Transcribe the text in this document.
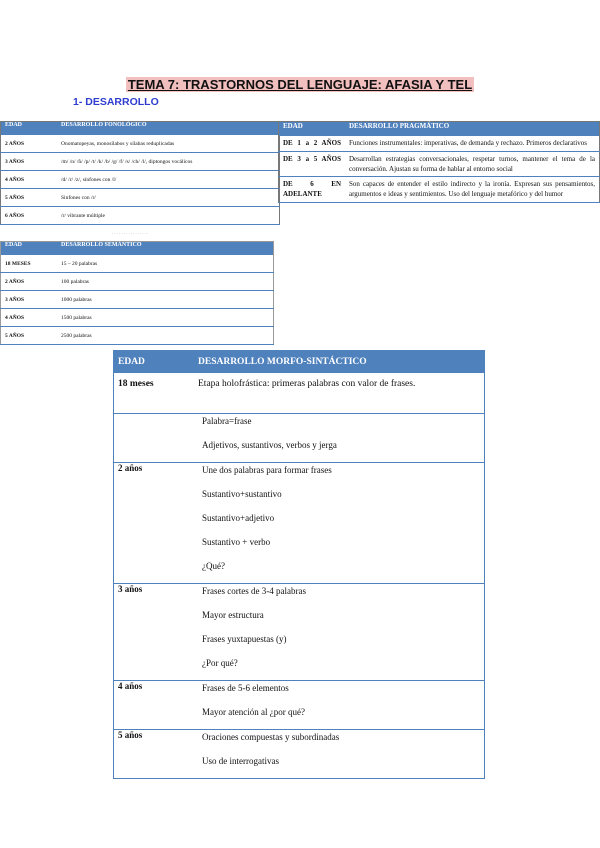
TEMA 7: TRASTORNOS DEL LENGUAJE: AFASIA Y TEL
1- DESARROLLO
EDAD	DESARROLLO FONOLÓGICO
2 AÑOS	Onomatopeyas, monosílabos y sílabas reduplicadas
3 AÑOS	/m/ /n/ /ñ/ /p/ /t/ /k/ /b/ /g/ /f/ /s/ /ch/ /l/, diptongos vocálicos
4 AÑOS	/d/ /r/ /z/, sinfones con /l/
5 AÑOS	Sinfones con /r/
6 AÑOS	/r/ vibrante múltiple
· · · · · · · · · · · · · · · ·
EDAD	DESARROLLO SEMÁNTICO
18 MESES	15 – 20 palabras
2 AÑOS	100 palabras
3 AÑOS	1000 palabras
4 AÑOS	1500 palabras
5 AÑOS	2500 palabras
EDAD	DESARROLLO PRAGMÁTICO
DE 1 a 2 AÑOS	Funciones instrumentales: imperativas, de demanda y rechazo. Primeros declarativos
DE 3 a 5 AÑOS	Desarrollan estrategias conversacionales, respetar turnos, mantener el tema de la conversación. Ajustan su forma de hablar al entorno social
DE 6 EN ADELANTE	Son capaces de entender el estilo indirecto y la ironía. Expresan sus pensamientos, argumentos e ideas y sentimientos. Uso del lenguaje metafórico y del humor
EDAD	DESARROLLO MORFO-SINTÁCTICO
18 meses	Etapa holofrástica: primeras palabras con valor de frases.

	Palabra=frase
Adjetivos, sustantivos, verbos y jerga

2 años	Une dos palabras para formar frases
Sustantivo+sustantivo
Sustantivo+adjetivo
Sustantivo + verbo
¿Qué?

3 años	Frases cortes de 3-4 palabras
Mayor estructura
Frases yuxtapuestas (y)
¿Por qué?

4 años	Frases de 5-6 elementos
Mayor atención al ¿por qué?

5 años	Oraciones compuestas y subordinadas
Uso de interrogativas
